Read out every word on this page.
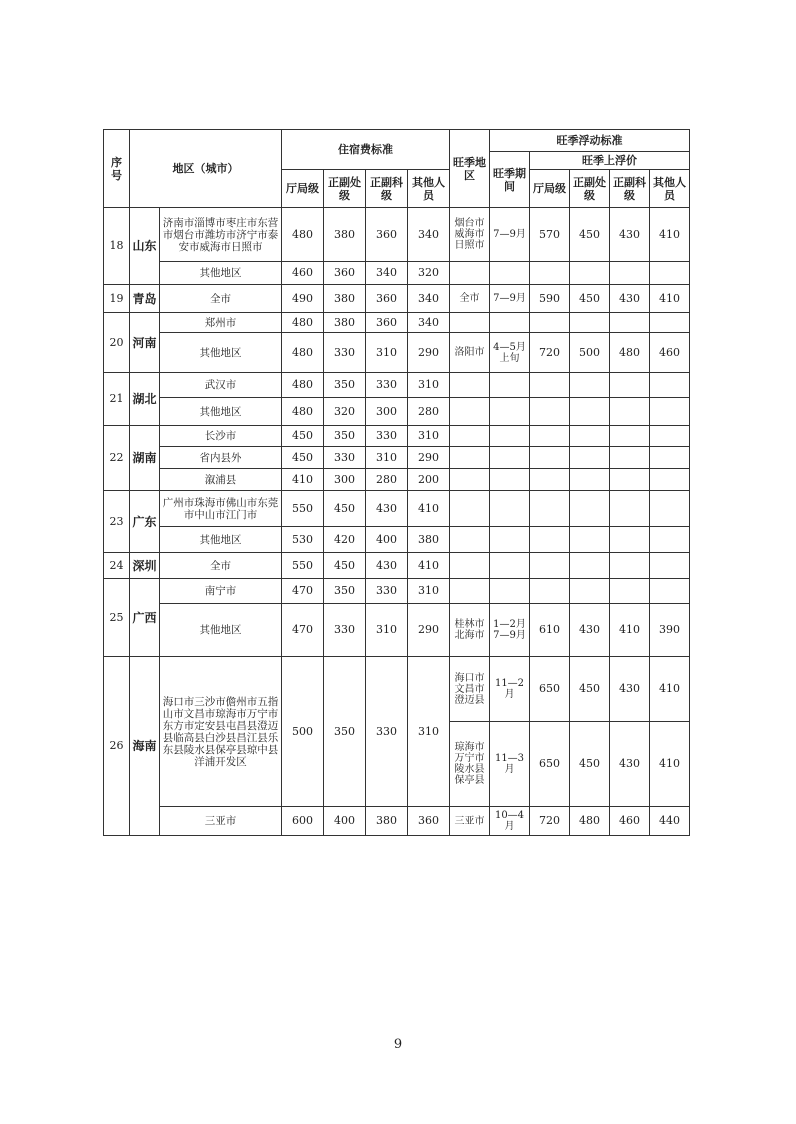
序号	地区（城市）		住宿费标准				旺季地区	旺季浮动标准				
								旺季期间	旺季上浮价			
			厅局级	正副处级	正副科级	其他人员			厅局级	正副处级	正副科级	其他人员
18	山东	济南市淄博市枣庄市东营市烟台市潍坊市济宁市泰安市威海市日照市	480	380	360	340	烟台市威海市日照市	7—9月	570	450	430	410
		其他地区	460	360	340	320						
19	青岛	全市	490	380	360	340	全市	7—9月	590	450	430	410
20	河南	郑州市	480	380	360	340						
		其他地区	480	330	310	290	洛阳市	4—5月上旬	720	500	480	460
21	湖北	武汉市	480	350	330	310						
		其他地区	480	320	300	280						
22	湖南	长沙市	450	350	330	310						
		省内县外	450	330	310	290						
		溆浦县	410	300	280	200						
23	广东	广州市珠海市佛山市东莞市中山市江门市	550	450	430	410						
		其他地区	530	420	400	380						
24	深圳	全市	550	450	430	410						
25	广西	南宁市	470	350	330	310						
		其他地区	470	330	310	290	桂林市北海市	1—2月 7—9月	610	430	410	390
26	海南	海口市三沙市儋州市五指山市文昌市琼海市万宁市东方市定安县屯昌县澄迈县临高县白沙县昌江县乐东县陵水县保亭县琼中县洋浦开发区	500	350	330	310	海口市文昌市澄迈县	11—2月	650	450	430	410
							琼海市万宁市陵水县保亭县	11—3月	650	450	430	410
		三亚市	600	400	380	360	三亚市	10—4月	720	480	460	440
9
